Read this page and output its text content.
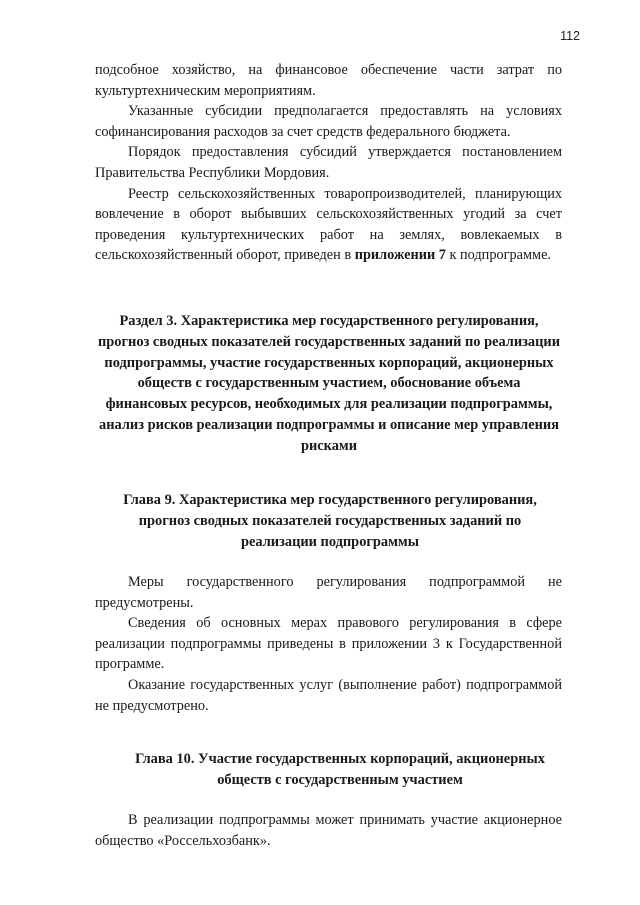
112

подсобное хозяйство, на финансовое обеспечение части затрат по культуртехническим мероприятиям.

Указанные субсидии предполагается предоставлять на условиях софинансирования расходов за счет средств федерального бюджета.

Порядок предоставления субсидий утверждается постановлением Правительства Республики Мордовия.

Реестр сельскохозяйственных товаропроизводителей, планирующих вовлечение в оборот выбывших сельскохозяйственных угодий за счет проведения культуртехнических работ на землях, вовлекаемых в сельскохозяйственный оборот, приведен в приложении 7 к подпрограмме.

Раздел 3. Характеристика мер государственного регулирования, прогноз сводных показателей государственных заданий по реализации подпрограммы, участие государственных корпораций, акционерных обществ с государственным участием, обоснование объема финансовых ресурсов, необходимых для реализации подпрограммы, анализ рисков реализации подпрограммы и описание мер управления рисками
Глава 9. Характеристика мер государственного регулирования, прогноз сводных показателей государственных заданий по реализации подпрограммы

Меры государственного регулирования подпрограммой не предусмотрены.

Сведения об основных мерах правового регулирования в сфере реализации подпрограммы приведены в приложении 3 к Государственной программе.

Оказание государственных услуг (выполнение работ) подпрограммой не предусмотрено.

Глава 10. Участие государственных корпораций, акционерных обществ с государственным участием

В реализации подпрограммы может принимать участие акционерное общество «Россельхозбанк».
